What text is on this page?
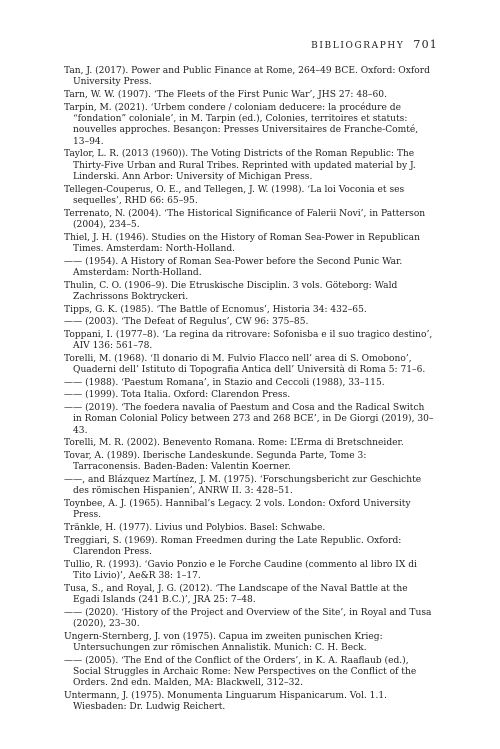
BIBLIOGRAPHY 701

Tan, J. (2017). Power and Public Finance at Rome, 264–49 BCE. Oxford: Oxford University Press.

Tarn, W. W. (1907). ‘The Fleets of the First Punic War’, JHS 27: 48–60.

Tarpin, M. (2021). ‘Urbem condere / coloniam deducere: la procédure de “fondation” coloniale’, in M. Tarpin (ed.), Colonies, territoires et statuts: nouvelles approches. Besançon: Presses Universitaires de Franche-Comté, 13–94.

Taylor, L. R. (2013 (1960)). The Voting Districts of the Roman Republic: The Thirty-Five Urban and Rural Tribes. Reprinted with updated material by J. Linderski. Ann Arbor: University of Michigan Press.

Tellegen-Couperus, O. E., and Tellegen, J. W. (1998). ‘La loi Voconia et ses sequelles’, RHD 66: 65–95.

Terrenato, N. (2004). ‘The Historical Significance of Falerii Novi’, in Patterson (2004), 234–5.

Thiel, J. H. (1946). Studies on the History of Roman Sea-Power in Republican Times. Amsterdam: North-Holland.

—— (1954). A History of Roman Sea-Power before the Second Punic War. Amsterdam: North-Holland.

Thulin, C. O. (1906–9). Die Etruskische Disciplin. 3 vols. Göteborg: Wald Zachrissons Boktryckeri.

Tipps, G. K. (1985). ‘The Battle of Ecnomus’, Historia 34: 432–65.

—— (2003). ‘The Defeat of Regulus’, CW 96: 375–85.

Toppani, I. (1977–8). ‘La regina da ritrovare: Sofonisba e il suo tragico destino’, AIV 136: 561–78.

Torelli, M. (1968). ‘Il donario di M. Fulvio Flacco nell’ area di S. Omobono’, Quaderni dell’ Istituto di Topografia Antica dell’ Università di Roma 5: 71–6.

—— (1988). ‘Paestum Romana’, in Stazio and Ceccoli (1988), 33–115.

—— (1999). Tota Italia. Oxford: Clarendon Press.

—— (2019). ‘The foedera navalia of Paestum and Cosa and the Radical Switch in Roman Colonial Policy between 273 and 268 BCE’, in De Giorgi (2019), 30–43.

Torelli, M. R. (2002). Benevento Romana. Rome: L’Erma di Bretschneider.

Tovar, A. (1989). Iberische Landeskunde. Segunda Parte, Tome 3: Tarraconensis. Baden-Baden: Valentin Koerner.

——, and Blázquez Martínez, J. M. (1975). ‘Forschungsbericht zur Geschichte des römischen Hispanien’, ANRW II. 3: 428–51.

Toynbee, A. J. (1965). Hannibal’s Legacy. 2 vols. London: Oxford University Press.

Tränkle, H. (1977). Livius und Polybios. Basel: Schwabe.

Treggiari, S. (1969). Roman Freedmen during the Late Republic. Oxford: Clarendon Press.

Tullio, R. (1993). ‘Gavio Ponzio e le Forche Caudine (commento al libro IX di Tito Livio)’, Ae&R 38: 1–17.

Tusa, S., and Royal, J. G. (2012). ‘The Landscape of the Naval Battle at the Egadi Islands (241 B.C.)’, JRA 25: 7–48.

—— (2020). ‘History of the Project and Overview of the Site’, in Royal and Tusa (2020), 23–30.

Ungern-Sternberg, J. von (1975). Capua im zweiten punischen Krieg: Untersuchungen zur römischen Annalistik. Munich: C. H. Beck.

—— (2005). ‘The End of the Conflict of the Orders’, in K. A. Raaflaub (ed.), Social Struggles in Archaic Rome: New Perspectives on the Conflict of the Orders. 2nd edn. Malden, MA: Blackwell, 312–32.

Untermann, J. (1975). Monumenta Linguarum Hispanicarum. Vol. 1.1. Wiesbaden: Dr. Ludwig Reichert.
